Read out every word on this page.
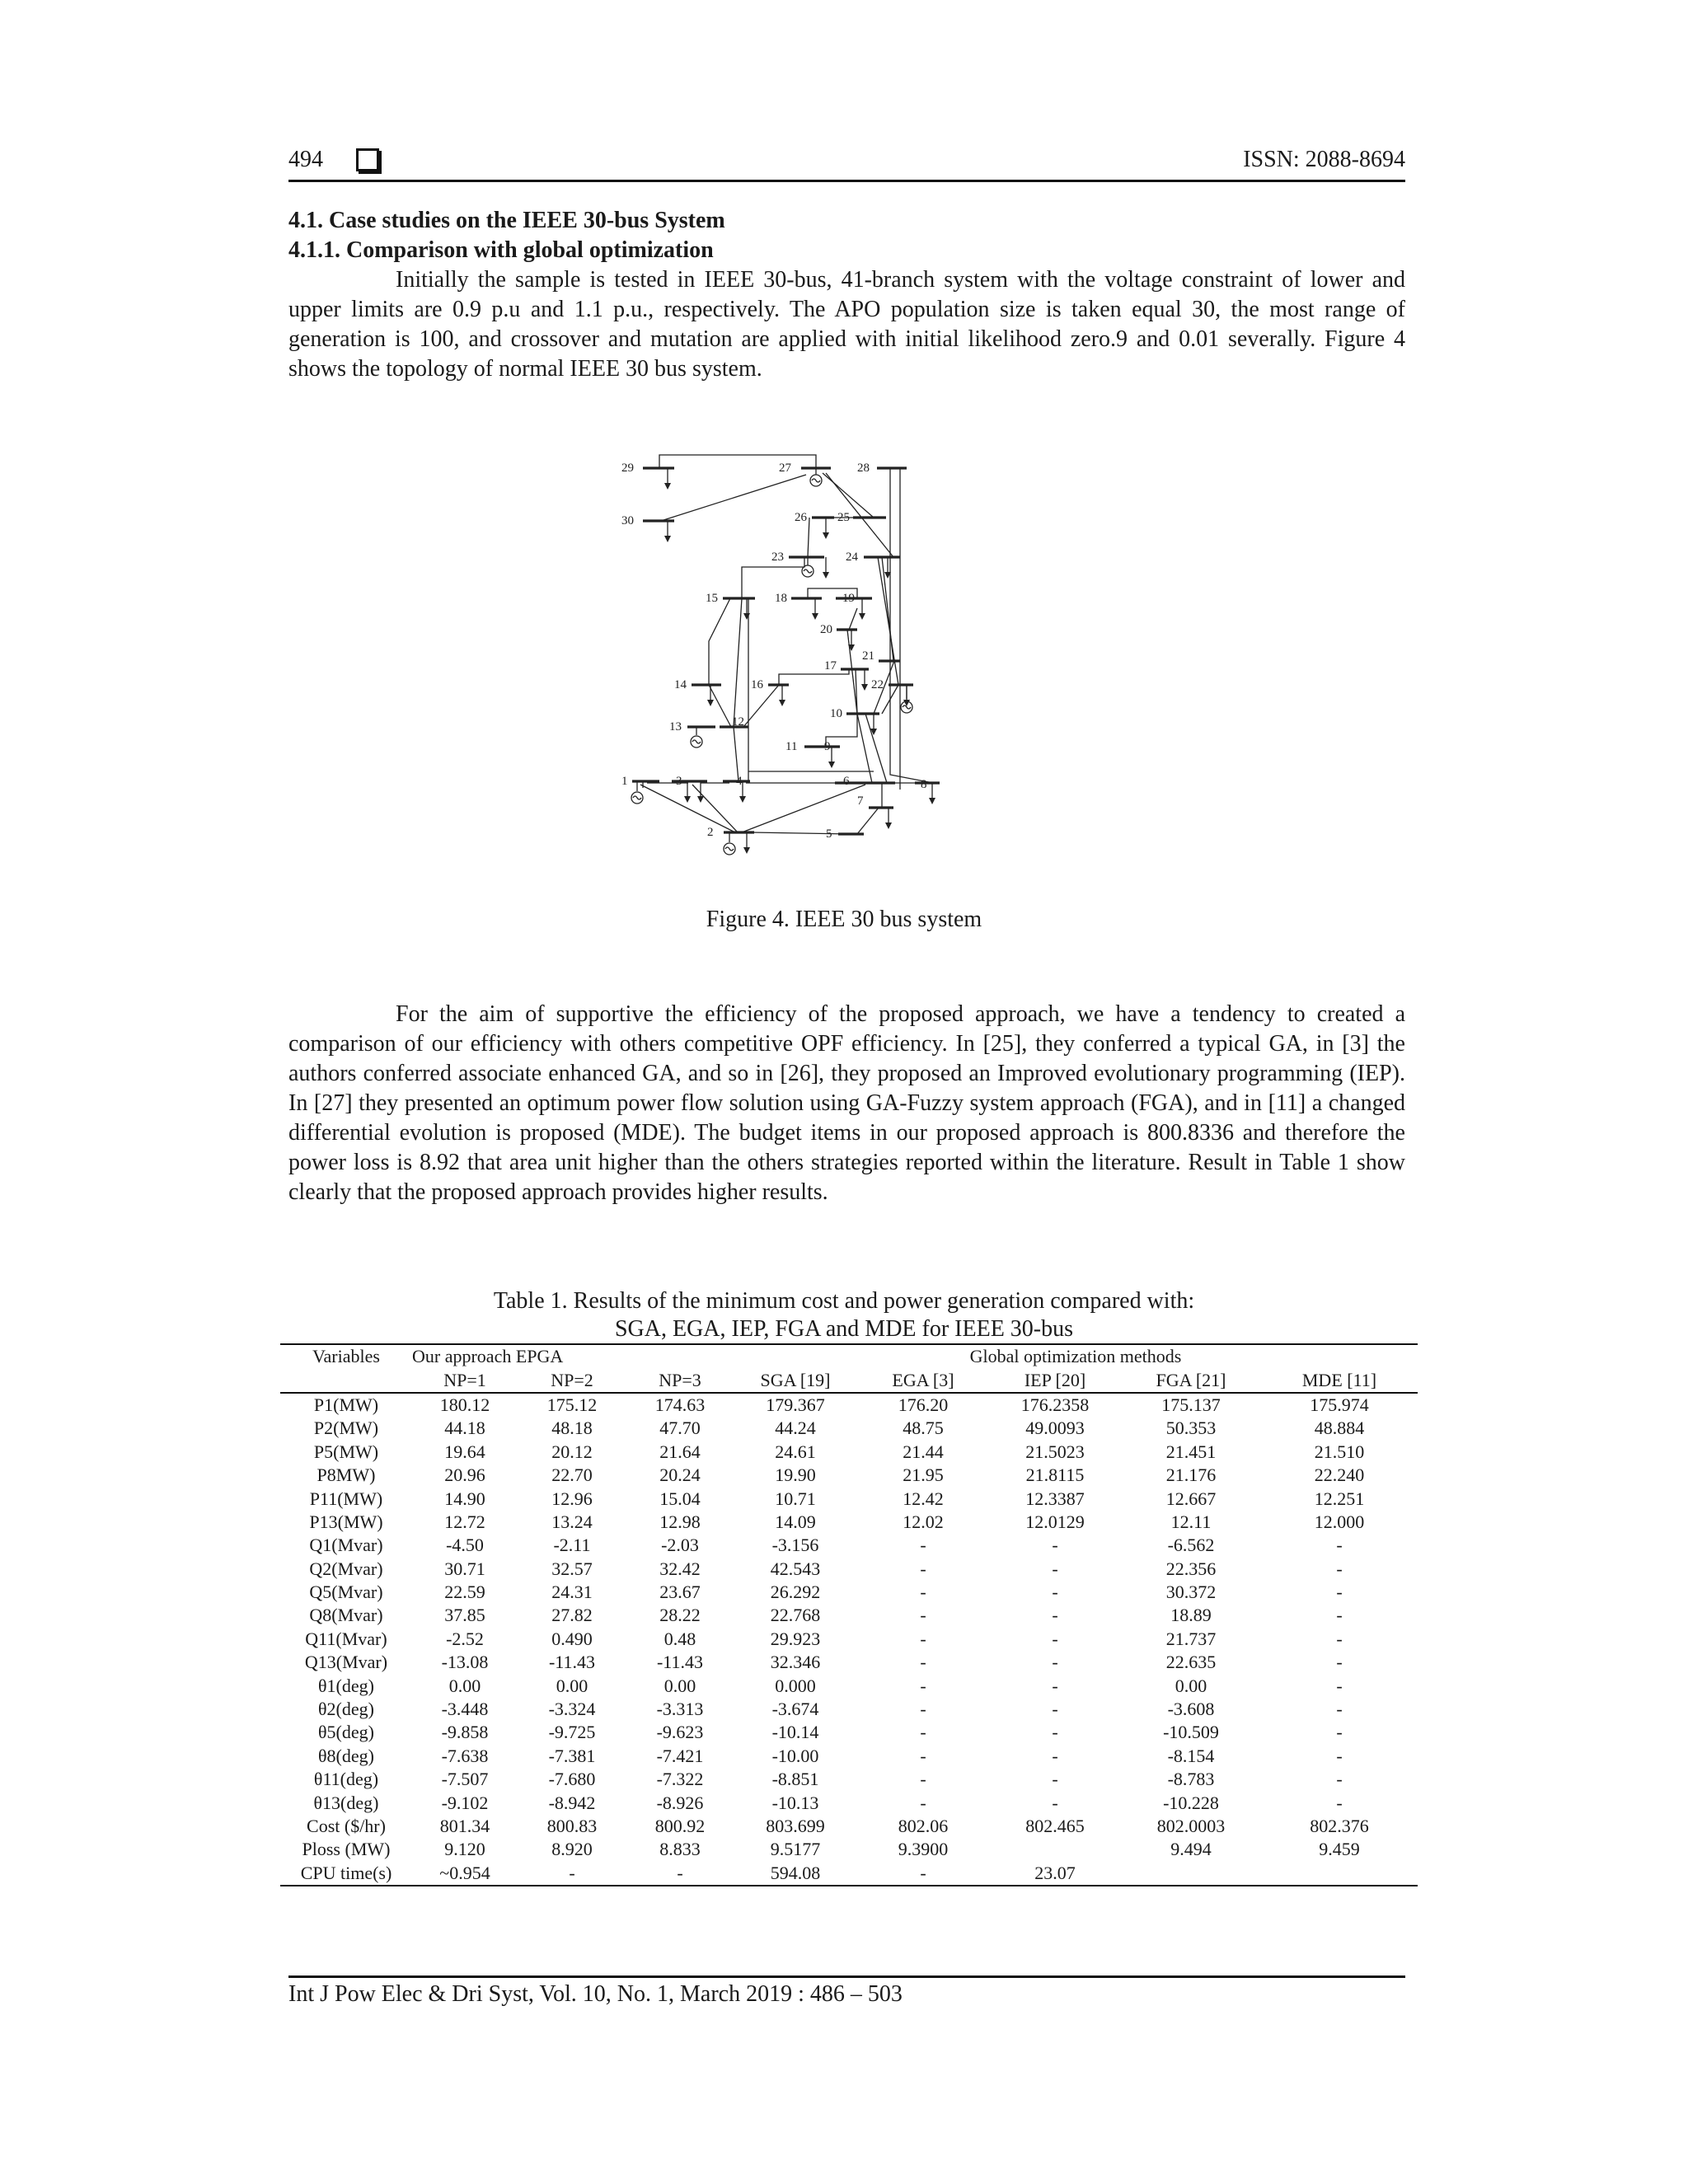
494	ISSN: 2088-8694
4.1. Case studies on the IEEE 30-bus System
4.1.1. Comparison with global optimization
Initially the sample is tested in IEEE 30-bus, 41-branch system with the voltage constraint of lower and upper limits are 0.9 p.u and 1.1 p.u., respectively. The APO population size is taken equal 30, the most range of generation is 100, and crossover and mutation are applied with initial likelihood zero.9 and 0.01 severally. Figure 4 shows the topology of normal IEEE 30 bus system.
29	27	28
30	26 25
23	24
15	18	19
20
21
17
14	16	22
10
13	12
11 9
1	3	4	6	8
7
2	5
Figure 4. IEEE 30 bus system
For the aim of supportive the efficiency of the proposed approach, we have a tendency to created a comparison of our efficiency with others competitive OPF efficiency. In [25], they conferred a typical GA, in [3] the authors conferred associate enhanced GA, and so in [26], they proposed an Improved evolutionary programming (IEP). In [27] they presented an optimum power flow solution using GA-Fuzzy system approach (FGA), and in [11] a changed differential evolution is proposed (MDE). The budget items in our proposed approach is 800.8336 and therefore the power loss is 8.92 that area unit higher than the others strategies reported within the literature. Result in Table 1 show clearly that the proposed approach provides higher results.
Table 1. Results of the minimum cost and power generation compared with:
SGA, EGA, IEP, FGA and MDE for IEEE 30-bus
Variables	Our approach EPGA			Global optimization methods				
	NP=1	NP=2	NP=3	SGA [19]	EGA [3]	IEP [20]	FGA [21]	MDE [11]
P1(MW)	180.12	175.12	174.63	179.367	176.20	176.2358	175.137	175.974
P2(MW)	44.18	48.18	47.70	44.24	48.75	49.0093	50.353	48.884
P5(MW)	19.64	20.12	21.64	24.61	21.44	21.5023	21.451	21.510
P8MW)	20.96	22.70	20.24	19.90	21.95	21.8115	21.176	22.240
P11(MW)	14.90	12.96	15.04	10.71	12.42	12.3387	12.667	12.251
P13(MW)	12.72	13.24	12.98	14.09	12.02	12.0129	12.11	12.000
Q1(Mvar)	-4.50	-2.11	-2.03	-3.156	-	-	-6.562	-
Q2(Mvar)	30.71	32.57	32.42	42.543	-	-	22.356	-
Q5(Mvar)	22.59	24.31	23.67	26.292	-	-	30.372	-
Q8(Mvar)	37.85	27.82	28.22	22.768	-	-	18.89	-
Q11(Mvar)	-2.52	0.490	0.48	29.923	-	-	21.737	-
Q13(Mvar)	-13.08	-11.43	-11.43	32.346	-	-	22.635	-
θ1(deg)	0.00	0.00	0.00	0.000	-	-	0.00	-
θ2(deg)	-3.448	-3.324	-3.313	-3.674	-	-	-3.608	-
θ5(deg)	-9.858	-9.725	-9.623	-10.14	-	-	-10.509	-
θ8(deg)	-7.638	-7.381	-7.421	-10.00	-	-	-8.154	-
θ11(deg)	-7.507	-7.680	-7.322	-8.851	-	-	-8.783	-
θ13(deg)	-9.102	-8.942	-8.926	-10.13	-	-	-10.228	-
Cost ($/hr)	801.34	800.83	800.92	803.699	802.06	802.465	802.0003	802.376
Ploss (MW)	9.120	8.920	8.833	9.5177	9.3900		9.494	9.459
CPU time(s)	~0.954	-	-	594.08	-	23.07		
Int J Pow Elec & Dri Syst, Vol. 10, No. 1, March 2019 : 486 – 503
